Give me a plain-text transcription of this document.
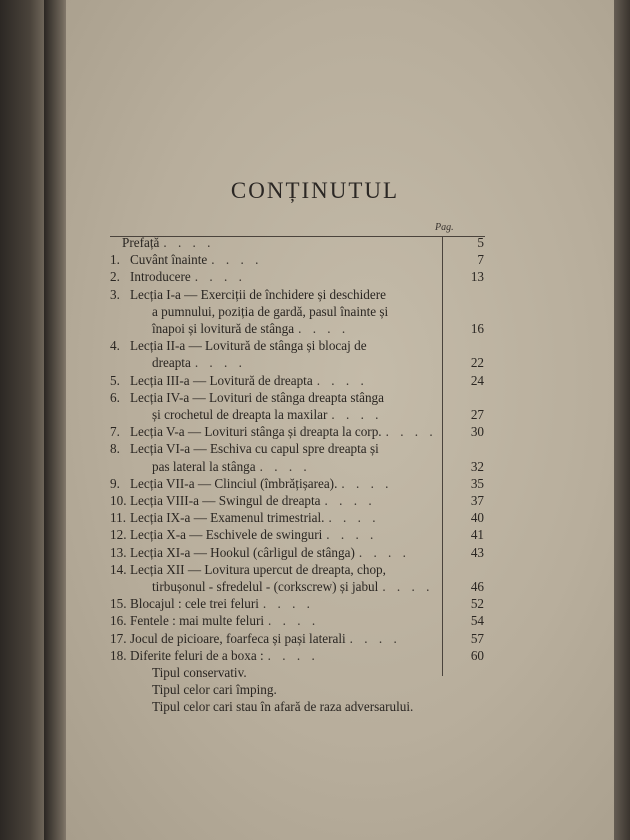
CONȚINUTUL
Pag.
Prefață . . . .	5
1. Cuvânt înainte . . . .	7
2. Introducere . . . .	13
3. Lecția I-a — Exerciții de închidere și deschidere
a pumnului, poziția de gardă, pasul înainte și
înapoi și lovitură de stânga . . . .	16
4. Lecția II-a — Lovitură de stânga și blocaj de
dreapta . . . .	22
5. Lecția III-a — Lovitură de dreapta . . . .	24
6. Lecția IV-a — Lovituri de stânga dreapta stânga
și crochetul de dreapta la maxilar . . . .	27
7. Lecția V-a — Lovituri stânga și dreapta la corp. . . . .	30
8. Lecția VI-a — Eschiva cu capul spre dreapta și
pas lateral la stânga . . . .	32
9. Lecția VII-a — Clinciul (îmbrățișarea). . . . .	35
10. Lecția VIII-a — Swingul de dreapta . . . .	37
11. Lecția IX-a — Examenul trimestrial. . . . .	40
12. Lecția X-a — Eschivele de swinguri . . . .	41
13. Lecția XI-a — Hookul (cârligul de stânga) . . . .	43
14. Lecția XII — Lovitura upercut de dreapta, chop,
tirbușonul - sfredelul - (corkscrew) și jabul . . . .	46
15. Blocajul : cele trei feluri . . . .	52
16. Fentele : mai multe feluri . . . .	54
17. Jocul de picioare, foarfeca și pași laterali . . . .	57
18. Diferite feluri de a boxa : . . . .	60
Tipul conservativ.
Tipul celor cari împing.
Tipul celor cari stau în afară de raza adversarului.
